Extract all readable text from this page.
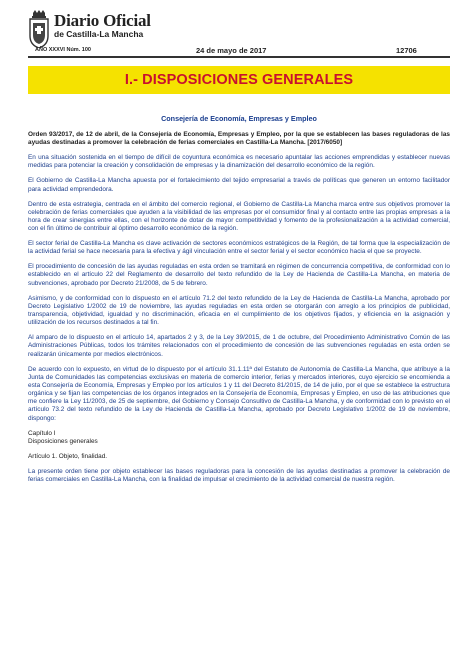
Diario Oficial
de Castilla-La Mancha
AÑO XXXVI Núm. 100	24 de mayo de 2017	12706
I.- DISPOSICIONES GENERALES
Consejería de Economía, Empresas y Empleo

Orden 93/2017, de 12 de abril, de la Consejería de Economía, Empresas y Empleo, por la que se establecen las bases reguladoras de las ayudas destinadas a promover la celebración de ferias comerciales en Castilla-La Mancha. [2017/6050]

En una situación sostenida en el tiempo de difícil de coyuntura económica es necesario apuntalar las acciones emprendidas y establecer nuevas medidas para potenciar la creación y consolidación de empresas y la dinamización del desarrollo económico de la región.

El Gobierno de Castilla-La Mancha apuesta por el fortalecimiento del tejido empresarial a través de políticas que generen un entorno facilitador para actividad emprendedora.

Dentro de esta estrategia, centrada en el ámbito del comercio regional, el Gobierno de Castilla-La Mancha marca entre sus objetivos promover la celebración de ferias comerciales que ayuden a la visibilidad de las empresas por el consumidor final y al contacto entre las propias empresas a la hora de crear sinergias entre ellas, con el horizonte de dotar de mayor competitividad y fomento de la profesionalización a la actividad comercial, con el fin último de contribuir al óptimo desarrollo económico de la región.

El sector ferial de Castilla-La Mancha es clave activación de sectores económicos estratégicos de la Región, de tal forma que la especialización de la actividad ferial se hace necesaria para la efectiva y ágil vinculación entre el sector ferial y el sector económico hacia el que se proyecte.

El procedimiento de concesión de las ayudas reguladas en esta orden se tramitará en régimen de concurrencia competitiva, de conformidad con lo establecido en el artículo 22 del Reglamento de desarrollo del texto refundido de la Ley de Hacienda de Castilla-La Mancha, en materia de subvenciones, aprobado por Decreto 21/2008, de 5 de febrero.

Asimismo, y de conformidad con lo dispuesto en el artículo 71.2 del texto refundido de la Ley de Hacienda de Castilla-La Mancha, aprobado por Decreto Legislativo 1/2002 de 19 de noviembre, las ayudas reguladas en esta orden se otorgarán con arreglo a los principios de publicidad, transparencia, objetividad, igualdad y no discriminación, eficacia en el cumplimiento de los objetivos fijados, y eficiencia en la asignación y utilización de los recursos destinados a tal fin.

Al amparo de lo dispuesto en el artículo 14, apartados 2 y 3, de la Ley 39/2015, de 1 de octubre, del Procedimiento Administrativo Común de las Administraciones Públicas, todos los trámites relacionados con el procedimiento de concesión de las subvenciones reguladas en esta orden se realizarán únicamente por medios electrónicos.

De acuerdo con lo expuesto, en virtud de lo dispuesto por el artículo 31.1.11ª del Estatuto de Autonomía de Castilla-La Mancha, que atribuye a la Junta de Comunidades las competencias exclusivas en materia de comercio interior, ferias y mercados interiores, cuyo ejercicio se encomienda a esta Consejería de Economía, Empresas y Empleo por los artículos 1 y 11 del Decreto 81/2015, de 14 de julio, por el que se establece la estructura orgánica y se fijan las competencias de los órganos integrados en la Consejería de Economía, Empresas y Empleo, en uso de las atribuciones que me confiere la Ley 11/2003, de 25 de septiembre, del Gobierno y Consejo Consultivo de Castilla-La Mancha, y de conformidad con lo previsto en el artículo 73.2 del texto refundido de la Ley de Hacienda de Castilla-La Mancha, aprobado por Decreto Legislativo 1/2002 de 19 de noviembre, dispongo:

Capítulo I

Disposiciones generales

Artículo 1. Objeto, finalidad.

La presente orden tiene por objeto establecer las bases reguladoras para la concesión de las ayudas destinadas a promover la celebración de ferias comerciales en Castilla-La Mancha, con la finalidad de impulsar el crecimiento de la actividad comercial de nuestra región.
